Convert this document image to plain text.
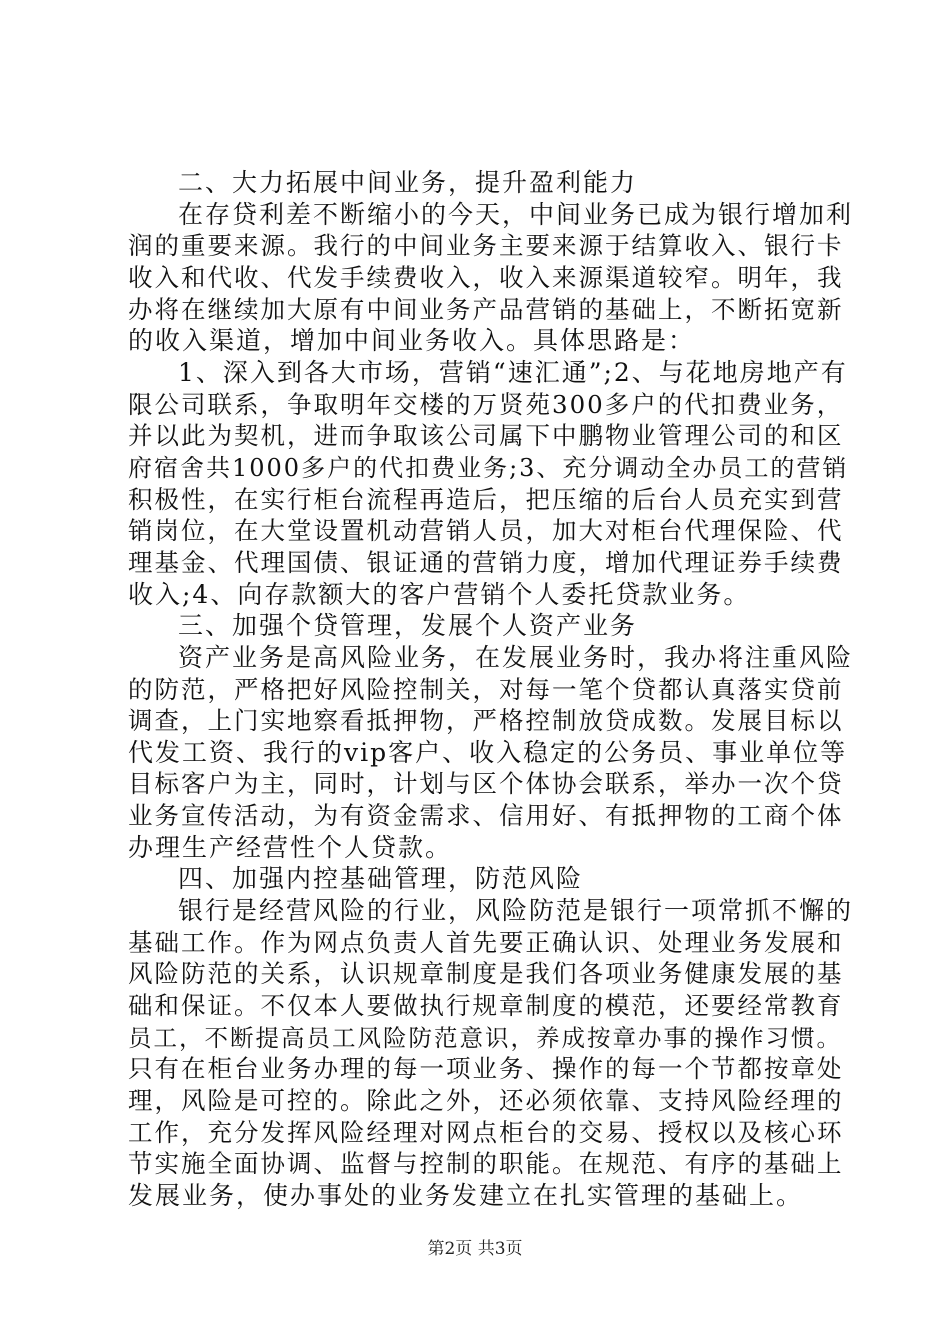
二、大力拓展中间业务，提升盈利能力
在存贷利差不断缩小的今天，中间业务已成为银行增加利
润的重要来源。我行的中间业务主要来源于结算收入、银行卡
收入和代收、代发手续费收入，收入来源渠道较窄。明年，我
办将在继续加大原有中间业务产品营销的基础上，不断拓宽新
的收入渠道，增加中间业务收入。具体思路是：
1、深入到各大市场，营销“速汇通”;2、与花地房地产有
限公司联系，争取明年交楼的万贤苑300多户的代扣费业务，
并以此为契机，进而争取该公司属下中鹏物业管理公司的和区
府宿舍共1000多户的代扣费业务;3、充分调动全办员工的营销
积极性，在实行柜台流程再造后，把压缩的后台人员充实到营
销岗位，在大堂设置机动营销人员，加大对柜台代理保险、代
理基金、代理国债、银证通的营销力度，增加代理证券手续费
收入;4、向存款额大的客户营销个人委托贷款业务。
三、加强个贷管理，发展个人资产业务
资产业务是高风险业务，在发展业务时，我办将注重风险
的防范，严格把好风险控制关，对每一笔个贷都认真落实贷前
调查，上门实地察看抵押物，严格控制放贷成数。发展目标以
代发工资、我行的vip客户、收入稳定的公务员、事业单位等
目标客户为主，同时，计划与区个体协会联系，举办一次个贷
业务宣传活动，为有资金需求、信用好、有抵押物的工商个体
办理生产经营性个人贷款。
四、加强内控基础管理，防范风险
银行是经营风险的行业，风险防范是银行一项常抓不懈的
基础工作。作为网点负责人首先要正确认识、处理业务发展和
风险防范的关系，认识规章制度是我们各项业务健康发展的基
础和保证。不仅本人要做执行规章制度的模范，还要经常教育
员工，不断提高员工风险防范意识，养成按章办事的操作习惯。
只有在柜台业务办理的每一项业务、操作的每一个节都按章处
理，风险是可控的。除此之外，还必须依靠、支持风险经理的
工作，充分发挥风险经理对网点柜台的交易、授权以及核心环
节实施全面协调、监督与控制的职能。在规范、有序的基础上
发展业务，使办事处的业务发建立在扎实管理的基础上。
第2页 共3页
